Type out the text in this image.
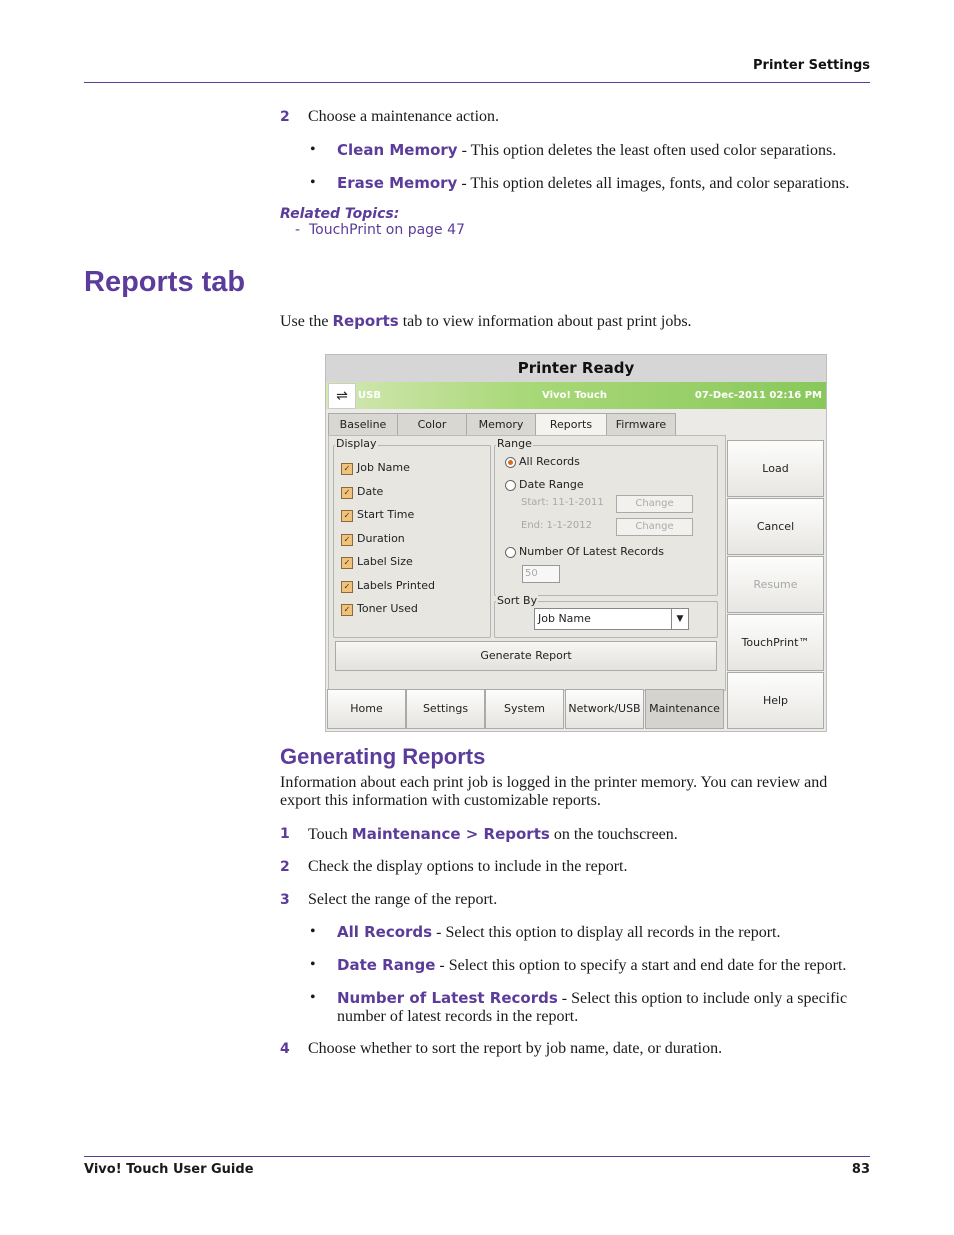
Printer Settings
2 Choose a maintenance action.
• Clean Memory - This option deletes the least often used color separations.
• Erase Memory - This option deletes all images, fonts, and color separations.
Related Topics:
- TouchPrint on page 47
Reports tab
Use the Reports tab to view information about past print jobs.
Printer Ready
⇌	USB	Vivo! Touch	07-Dec-2011 02:16 PM
Baseline	Color	Memory	Reports	Firmware
Display
✓ Job Name
✓ Date
✓ Start Time
✓ Duration
✓ Label Size
✓ Labels Printed
✓ Toner Used
Range
All Records
Date Range
Start: 11-1-2011	Change
End: 1-1-2012	Change
Number Of Latest Records
50
Sort By
Job Name	▼
Generate Report
Load
Cancel
Resume
TouchPrint™
Help
Home	Settings	System	Network/USB Maintenance
Generating Reports
Information about each print job is logged in the printer memory. You can review and
export this information with customizable reports.
1 Touch Maintenance > Reports on the touchscreen.
2 Check the display options to include in the report.
3 Select the range of the report.
• All Records - Select this option to display all records in the report.
• Date Range - Select this option to specify a start and end date for the report.
• Number of Latest Records - Select this option to include only a specific
number of latest records in the report.
4 Choose whether to sort the report by job name, date, or duration.
Vivo! Touch User Guide	83
